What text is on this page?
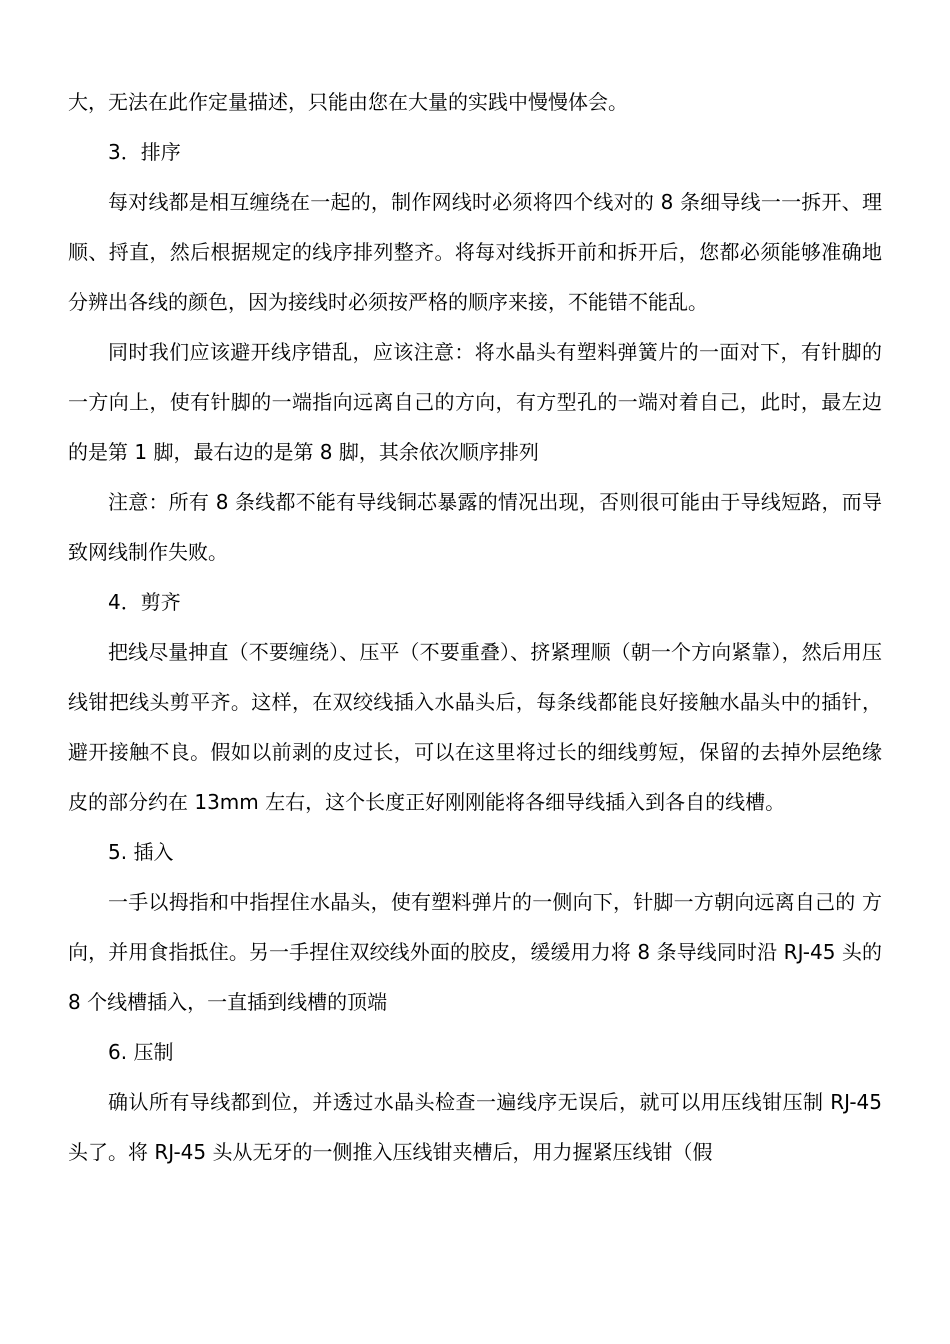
大，无法在此作定量描述，只能由您在大量的实践中慢慢体会。

3．排序

每对线都是相互缠绕在一起的，制作网线时必须将四个线对的 8 条细导线一一拆开、理顺、捋直，然后根据规定的线序排列整齐。将每对线拆开前和拆开后，您都必须能够准确地分辨出各线的颜色，因为接线时必须按严格的顺序来接，不能错不能乱。

同时我们应该避开线序错乱，应该注意：将水晶头有塑料弹簧片的一面对下，有针脚的一方向上，使有针脚的一端指向远离自己的方向，有方型孔的一端对着自己，此时，最左边的是第 1 脚，最右边的是第 8 脚，其余依次顺序排列

注意：所有 8 条线都不能有导线铜芯暴露的情况出现，否则很可能由于导线短路，而导致网线制作失败。

4．剪齐

把线尽量抻直（不要缠绕）、压平（不要重叠）、挤紧理顺（朝一个方向紧靠），然后用压线钳把线头剪平齐。这样，在双绞线插入水晶头后，每条线都能良好接触水晶头中的插针，避开接触不良。假如以前剥的皮过长，可以在这里将过长的细线剪短，保留的去掉外层绝缘皮的部分约在 13mm 左右，这个长度正好刚刚能将各细导线插入到各自的线槽。

5. 插入

一手以拇指和中指捏住水晶头，使有塑料弹片的一侧向下，针脚一方朝向远离自己的 方向，并用食指抵住。另一手捏住双绞线外面的胶皮，缓缓用力将 8 条导线同时沿 RJ-45 头的 8 个线槽插入，一直插到线槽的顶端

6. 压制

确认所有导线都到位，并透过水晶头检查一遍线序无误后，就可以用压线钳压制 RJ-45 头了。将 RJ-45 头从无牙的一侧推入压线钳夹槽后，用力握紧压线钳（假
